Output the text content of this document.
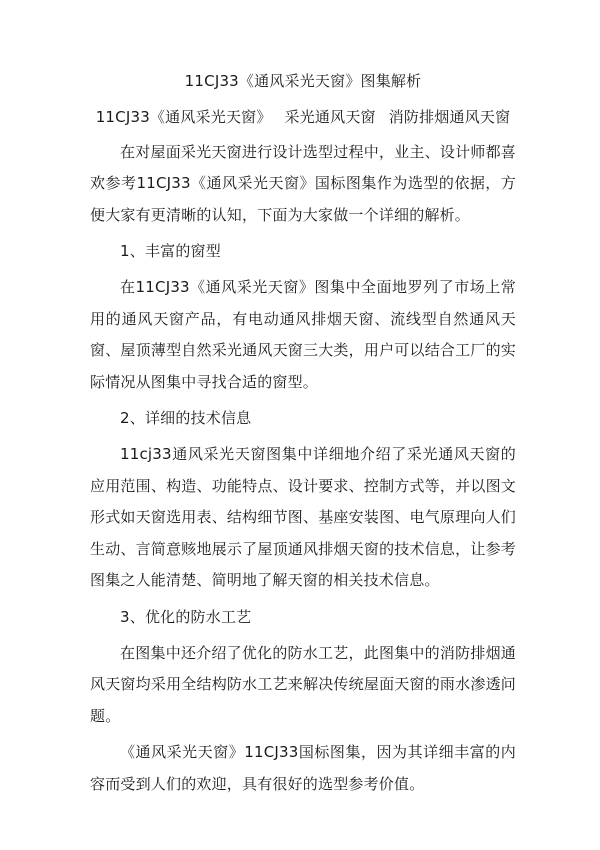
11CJ33《通风采光天窗》图集解析
11CJ33《通风采光天窗》 采光通风天窗 消防排烟通风天窗

在对屋面采光天窗进行设计选型过程中，业主、设计师都喜欢参考11CJ33《通风采光天窗》国标图集作为选型的依据，方便大家有更清晰的认知，下面为大家做一个详细的解析。

1、丰富的窗型

在11CJ33《通风采光天窗》图集中全面地罗列了市场上常用的通风天窗产品，有电动通风排烟天窗、流线型自然通风天窗、屋顶薄型自然采光通风天窗三大类，用户可以结合工厂的实际情况从图集中寻找合适的窗型。

2、详细的技术信息

11cj33通风采光天窗图集中详细地介绍了采光通风天窗的应用范围、构造、功能特点、设计要求、控制方式等，并以图文形式如天窗选用表、结构细节图、基座安装图、电气原理向人们生动、言简意赅地展示了屋顶通风排烟天窗的技术信息，让参考图集之人能清楚、简明地了解天窗的相关技术信息。

3、优化的防水工艺

在图集中还介绍了优化的防水工艺，此图集中的消防排烟通风天窗均采用全结构防水工艺来解决传统屋面天窗的雨水渗透问题。

《通风采光天窗》11CJ33国标图集，因为其详细丰富的内容而受到人们的欢迎，具有很好的选型参考价值。
